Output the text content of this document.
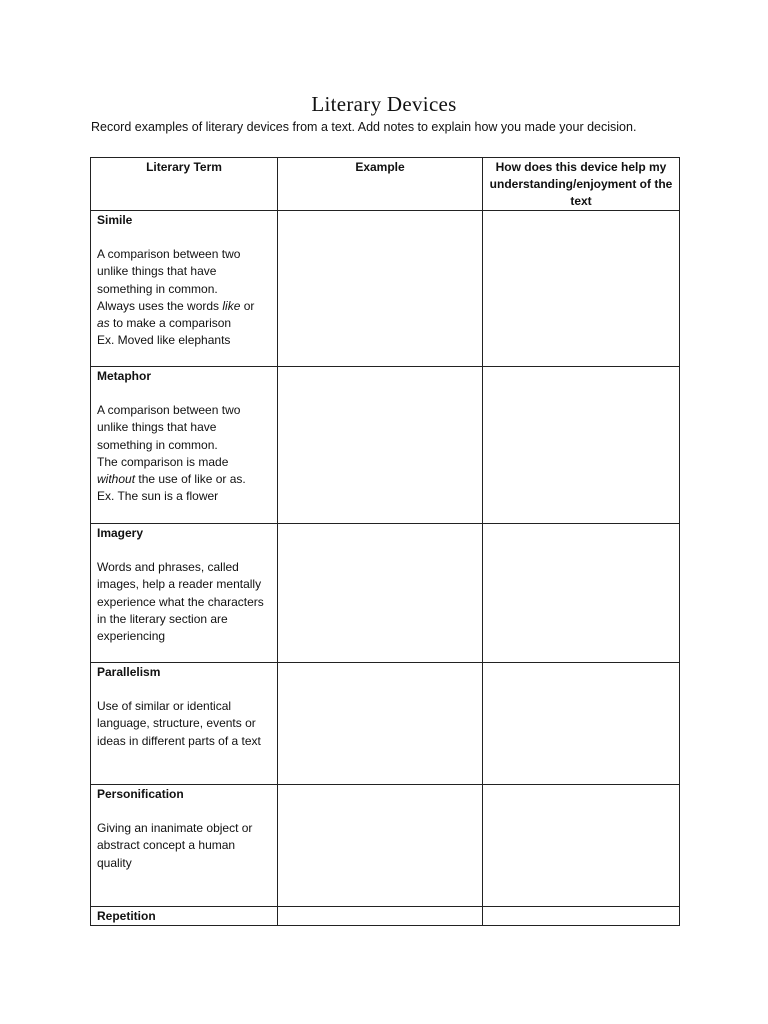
Literary Devices
Record examples of literary devices from a text. Add notes to explain how you made your decision.
Literary Term	Example	How does this device help my understanding/enjoyment of the text

Simile
A comparison between two unlike things that have something in common.
Always uses the words like or
as to make a comparison
Ex. Moved like elephants		

Metaphor
A comparison between two unlike things that have something in common.
The comparison is made
without the use of like or as.
Ex. The sun is a flower		

Imagery
Words and phrases, called images, help a reader mentally experience what the characters in the literary section are experiencing		

Parallelism
Use of similar or identical language, structure, events or ideas in different parts of a text		

Personification
Giving an inanimate object or abstract concept a human quality		

Repetition		
